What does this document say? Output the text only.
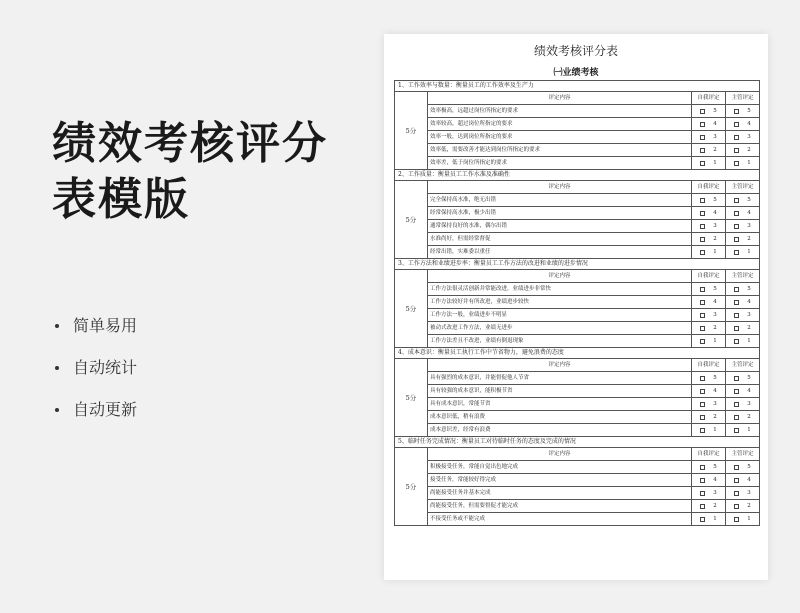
绩效考核评分表模版
简单易用
自动统计
自动更新
绩效考核评分表
㈠业绩考核
1、工作效率与数量：衡量员工的工作效率及生产力
5分
评定内容	自我评定	主管评定
效率极高，远超过岗位所指定的要求	5	5
效率较高，超过岗位所指定的要求	4	4
效率一般，达到岗位所指定的要求	3	3
效率低，需要改善才能达到岗位所指定的要求	2	2
效率差，低于岗位所指定的要求	1	1
2、工作质量：衡量员工工作水准及准确性
5分
评定内容	自我评定	主管评定
完全保持高水准，绝无出错	5	5
经常保持高水准，极少出错	4	4
通常保持良好的水准，偶尔出错	3	3
水准尚好，但需经常督促	2	2
经常出错，实难委以重任	1	1
3、工作方法和业绩进步率：衡量员工工作方法的改进和业绩的进步情况
5分
评定内容	自我评定	主管评定
工作方法很灵活创新并常能改进，业绩进步非常快	5	5
工作方法较好并有所改进，业绩进步较快	4	4
工作方法一般，业绩进步不明显	3	3
被动式改进工作方法，业绩无进步	2	2
工作方法差且不改进，业绩有倒退现象	1	1
4、成本意识：衡量员工执行工作中节省物力，避免浪费的态度
5分
评定内容	自我评定	主管评定
具有强烈的成本意识，并能督促他人节省	5	5
具有较强的成本意识，能积极节省	4	4
具有成本意识，常能节省	3	3
成本意识低，稍有浪费	2	2
成本意识差，经常有浪费	1	1
5、临时任务完成情况：衡量员工对待临时任务的态度及完成的情况
5分
评定内容	自我评定	主管评定
积极接受任务，常能自觉出色地完成	5	5
接受任务，常能较好得完成	4	4
尚能接受任务并基本完成	3	3
尚能接受任务，但需要督促才能完成	2	2
不接受任务或不能完成	1	1
